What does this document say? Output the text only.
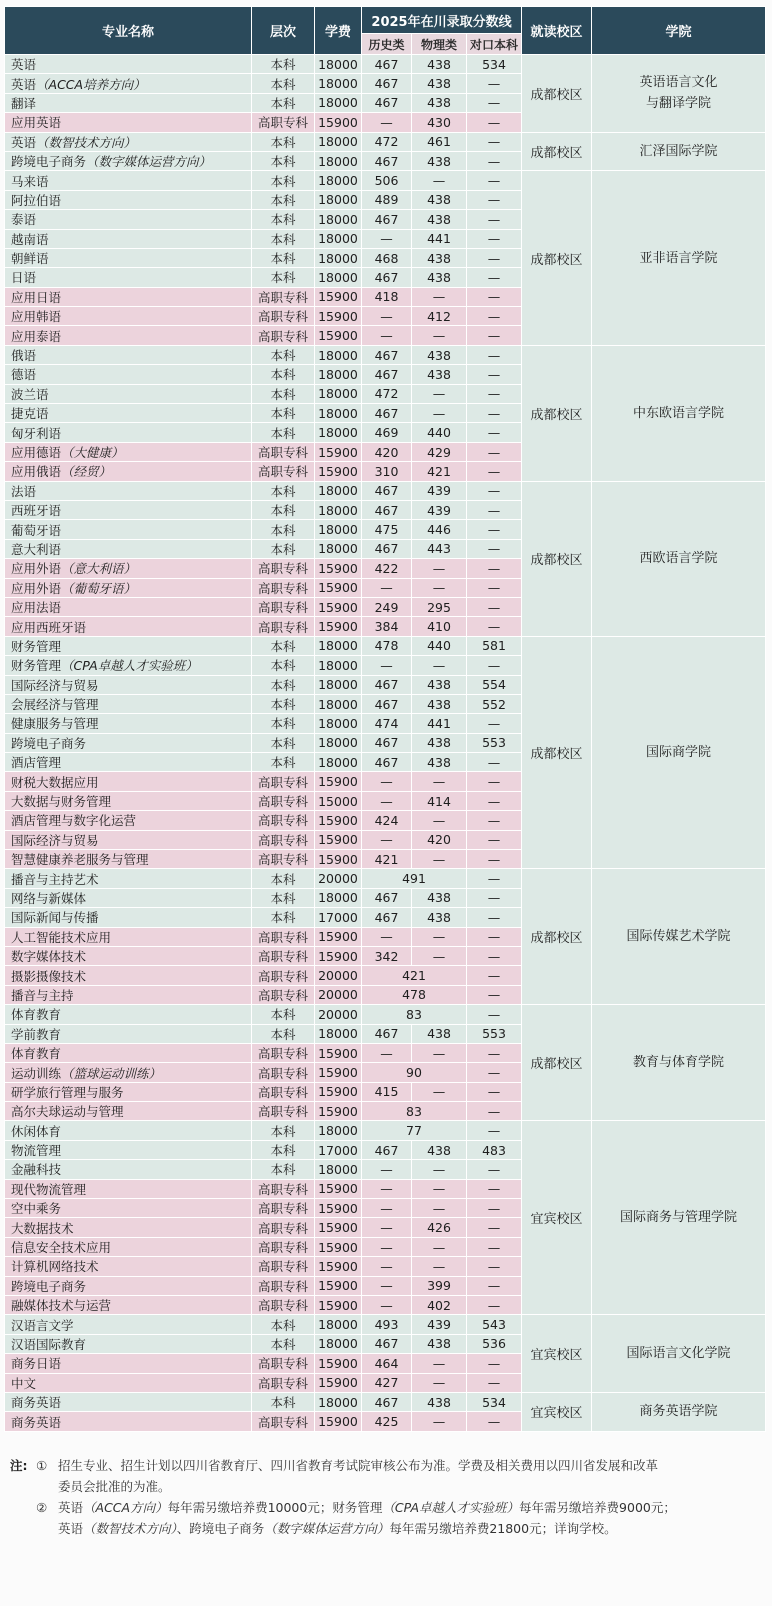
专业名称	层次	学费	2025年在川录取分数线			就读校区	学院
			历史类	物理类	对口本科		
英语	本科	18000	467	438	534	成都校区	英语语言文化
与翻译学院
英语（ACCA培养方向）	本科	18000	467	438	—		
翻译	本科	18000	467	438	—		
应用英语	高职专科	15900	—	430	—		
英语（数智技术方向）	本科	18000	472	461	—	成都校区	汇泽国际学院
跨境电子商务（数字媒体运营方向）	本科	18000	467	438	—		
马来语	本科	18000	506	—	—	成都校区	亚非语言学院
阿拉伯语	本科	18000	489	438	—		
泰语	本科	18000	467	438	—		
越南语	本科	18000	—	441	—		
朝鲜语	本科	18000	468	438	—		
日语	本科	18000	467	438	—		
应用日语	高职专科	15900	418	—	—		
应用韩语	高职专科	15900	—	412	—		
应用泰语	高职专科	15900	—	—	—		
俄语	本科	18000	467	438	—	成都校区	中东欧语言学院
德语	本科	18000	467	438	—		
波兰语	本科	18000	472	—	—		
捷克语	本科	18000	467	—	—		
匈牙利语	本科	18000	469	440	—		
应用德语（大健康）	高职专科	15900	420	429	—		
应用俄语（经贸）	高职专科	15900	310	421	—		
法语	本科	18000	467	439	—	成都校区	西欧语言学院
西班牙语	本科	18000	467	439	—		
葡萄牙语	本科	18000	475	446	—		
意大利语	本科	18000	467	443	—		
应用外语（意大利语）	高职专科	15900	422	—	—		
应用外语（葡萄牙语）	高职专科	15900	—	—	—		
应用法语	高职专科	15900	249	295	—		
应用西班牙语	高职专科	15900	384	410	—		
财务管理	本科	18000	478	440	581	成都校区	国际商学院
财务管理（CPA卓越人才实验班）	本科	18000	—	—	—		
国际经济与贸易	本科	18000	467	438	554		
会展经济与管理	本科	18000	467	438	552		
健康服务与管理	本科	18000	474	441	—		
跨境电子商务	本科	18000	467	438	553		
酒店管理	本科	18000	467	438	—		
财税大数据应用	高职专科	15900	—	—	—		
大数据与财务管理	高职专科	15000	—	414	—		
酒店管理与数字化运营	高职专科	15900	424	—	—		
国际经济与贸易	高职专科	15900	—	420	—		
智慧健康养老服务与管理	高职专科	15900	421	—	—		
播音与主持艺术	本科	20000	491		—	成都校区	国际传媒艺术学院
网络与新媒体	本科	18000	467	438	—		
国际新闻与传播	本科	17000	467	438	—		
人工智能技术应用	高职专科	15900	—	—	—		
数字媒体技术	高职专科	15900	342	—	—		
摄影摄像技术	高职专科	20000	421		—		
播音与主持	高职专科	20000	478		—		
体育教育	本科	20000	83		—	成都校区	教育与体育学院
学前教育	本科	18000	467	438	553		
体育教育	高职专科	15900	—	—	—		
运动训练（篮球运动训练）	高职专科	15900	90		—		
研学旅行管理与服务	高职专科	15900	415	—	—		
高尔夫球运动与管理	高职专科	15900	83		—		
休闲体育	本科	18000	77		—	宜宾校区	国际商务与管理学院
物流管理	本科	17000	467	438	483		
金融科技	本科	18000	—	—	—		
现代物流管理	高职专科	15900	—	—	—		
空中乘务	高职专科	15900	—	—	—		
大数据技术	高职专科	15900	—	426	—		
信息安全技术应用	高职专科	15900	—	—	—		
计算机网络技术	高职专科	15900	—	—	—		
跨境电子商务	高职专科	15900	—	399	—		
融媒体技术与运营	高职专科	15900	—	402	—		
汉语言文学	本科	18000	493	439	543	宜宾校区	国际语言文化学院
汉语国际教育	本科	18000	467	438	536		
商务日语	高职专科	15900	464	—	—		
中文	高职专科	15900	427	—	—		
商务英语	本科	18000	467	438	534	宜宾校区	商务英语学院
商务英语	高职专科	15900	425	—	—		
注: ① 招生专业、招生计划以四川省教育厅、四川省教育考试院审核公布为准。学费及相关费用以四川省发展和改革
委员会批准的为准。
② 英语（ACCA方向）每年需另缴培养费10000元；财务管理（CPA卓越人才实验班）每年需另缴培养费9000元；
英语（数智技术方向）、跨境电子商务（数字媒体运营方向）每年需另缴培养费21800元；详询学校。
